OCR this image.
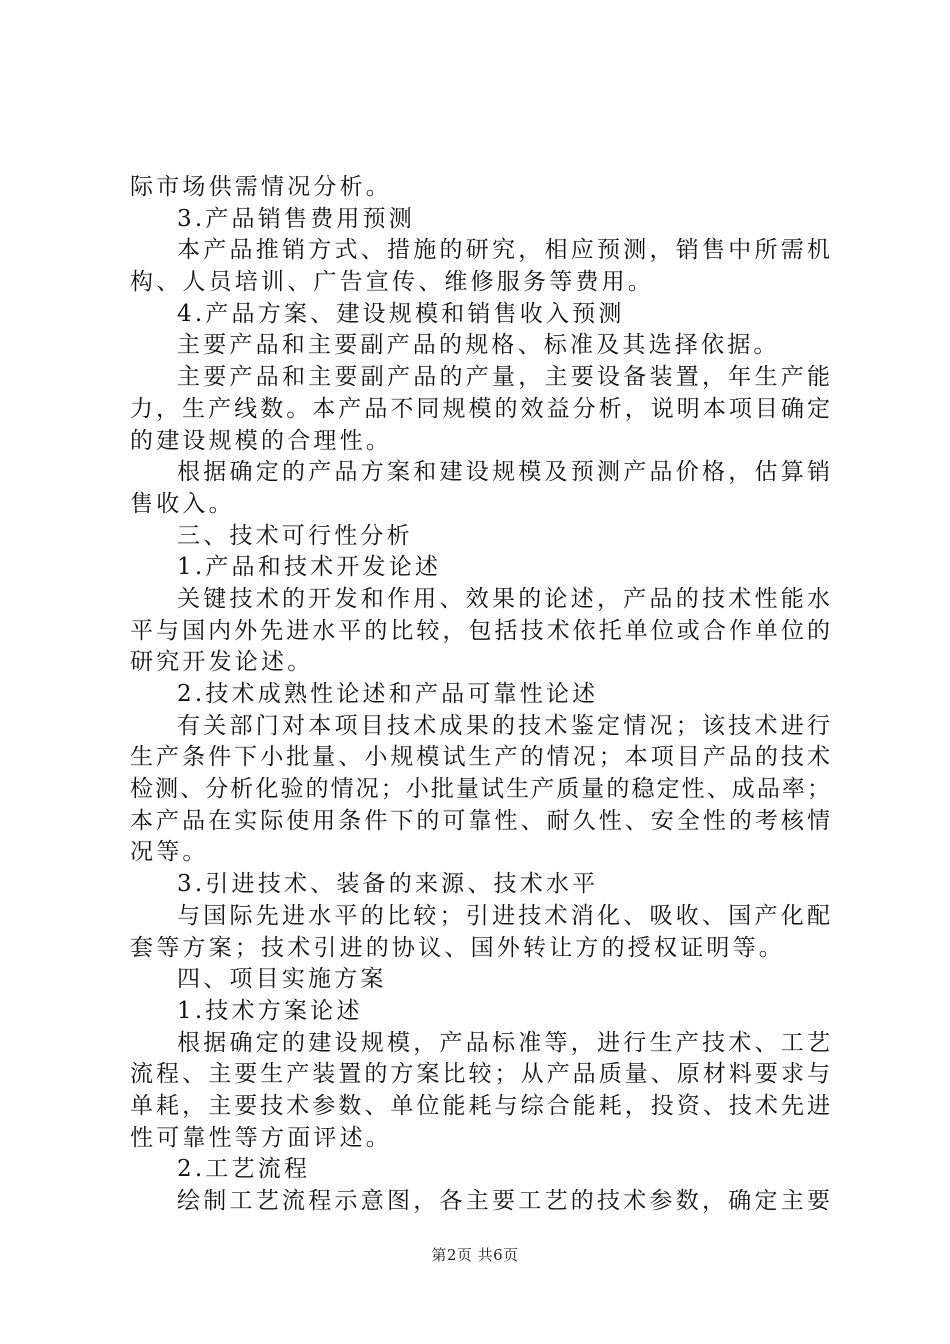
际市场供需情况分析。
3.产品销售费用预测
本产品推销方式、措施的研究，相应预测，销售中所需机
构、人员培训、广告宣传、维修服务等费用。
4.产品方案、建设规模和销售收入预测
主要产品和主要副产品的规格、标准及其选择依据。
主要产品和主要副产品的产量，主要设备装置，年生产能
力，生产线数。本产品不同规模的效益分析，说明本项目确定
的建设规模的合理性。
根据确定的产品方案和建设规模及预测产品价格，估算销
售收入。
三、技术可行性分析
1.产品和技术开发论述
关键技术的开发和作用、效果的论述，产品的技术性能水
平与国内外先进水平的比较，包括技术依托单位或合作单位的
研究开发论述。
2.技术成熟性论述和产品可靠性论述
有关部门对本项目技术成果的技术鉴定情况；该技术进行
生产条件下小批量、小规模试生产的情况；本项目产品的技术
检测、分析化验的情况；小批量试生产质量的稳定性、成品率；
本产品在实际使用条件下的可靠性、耐久性、安全性的考核情
况等。
3.引进技术、装备的来源、技术水平
与国际先进水平的比较；引进技术消化、吸收、国产化配
套等方案；技术引进的协议、国外转让方的授权证明等。
四、项目实施方案
1.技术方案论述
根据确定的建设规模，产品标准等，进行生产技术、工艺
流程、主要生产装置的方案比较；从产品质量、原材料要求与
单耗，主要技术参数、单位能耗与综合能耗，投资、技术先进
性可靠性等方面评述。
2.工艺流程
绘制工艺流程示意图，各主要工艺的技术参数，确定主要
第2页 共6页
